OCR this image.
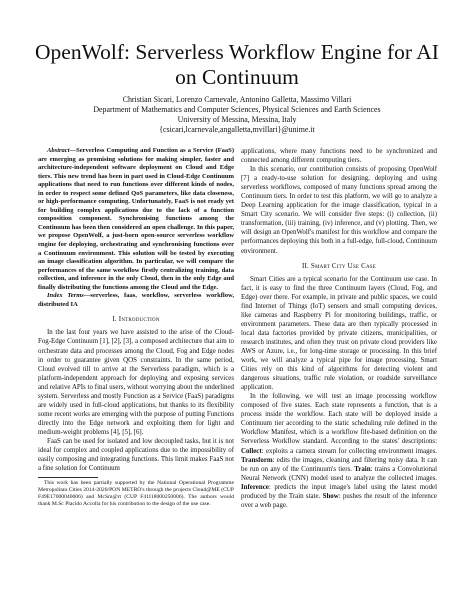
OpenWolf: Serverless Workflow Engine for AI on Continuum
Christian Sicari, Lorenzo Carnevale, Antonino Galletta, Massimo Villari
Department of Mathematics and Computer Sciences, Physical Sciences and Earth Sciences
University of Messina, Messina, Italy
{csicari,lcarnevale,angalletta,mvillari}@unime.it
Abstract—Serverless Computing and Function as a Service (FaaS) are emerging as promising solutions for making simpler, faster and architecture-independent software deployment on Cloud and Edge tiers. This new trend has been in part used in Cloud-Edge Continuum applications that need to run functions over different kinds of nodes, in order to respect some defined QoS parameters, like data closeness, or high-performance computing. Unfortunately, FaaS is not ready yet for building complex applications due to the lack of a function composition component. Synchronising functions among the Continuum has been then considered an open challenge. In this paper, we propose OpenWolf, a just-born open-source serverless workflow engine for deploying, orchestrating and synchronising functions over a Continuum environment. This solution will be tested by executing an image classification algorithm. In particular, we will compare the performances of the same workflow firstly centralizing training, data collection, and inference in the only Cloud, then in the only Edge and finally distributing the functions among the Cloud and the Edge.
Index Terms—serverless, faas, workflow, serverless workflow, distributed IA
I. Introduction

In the last four years we have assisted to the arise of the Cloud-Fog-Edge Continuum [1], [2], [3], a composed architecture that aim to orchestrate data and processes among the Cloud, Fog and Edge nodes in order to guarantee given QOS constraints. In the same period, Cloud evolved till to arrive at the Serverless paradigm, which is a platform-independent approach for deploying and exposing services and relative APIs to final users, without worrying about the underlined system. Serverless and mostly Function as a Service (FaaS) paradigms are widely used in full-cloud applications, but thanks to its flexibility some recent works are emerging with the purpose of putting Functions directly into the Edge network and exploiting them for light and medium-weight problems [4], [5], [6].

FaaS can be used for isolated and low decoupled tasks, but it is not ideal for complex and coupled applications due to the impossibility of easily composing and integrating functions. This limit makes FaaS not a fine solution for Continuum

This work has been partially supported by the National Operational Programme Metropolitan Cities 2014-2020/PON METRO's through the projects Cloud@ME (CUP F49E17000040006) and McSm@rt (CUP F41I18000250006). The authors would thank M.Sc Placido Accolla for his contribution to the design of the use case.

applications, where many functions need to be synchronized and connected among different computing tiers.

In this scenario, our contribution consists of proposing OpenWolf [7] a ready-to-use solution for designing, deploying and using serverless workflows, composed of many functions spread among the Continuum tiers. In order to test this platform, we will go to analyze a Deep Learning application for the image classification, typical in a Smart City scenario. We will consider five steps: (i) collection, (ii) transformation, (iii) training, (iv) inference, and (v) plotting. Then, we will design an OpenWolf's manifest for this workflow and compare the performances deploying this both in a full-edge, full-cloud, Continuum environment.

II. Smart City Use Case

Smart Cities are a typical scenario for the Continuum use case. In fact, it is easy to find the three Continuum layers (Cloud, Fog, and Edge) over there. For example, in private and public spaces, we could find Internet of Things (IoT) sensors and small computing devices, like cameras and Raspberry Pi for monitoring buildings, traffic, or environment parameters. These data are then typically processed in local data factories provided by private citizens, municipalities, or research institutes, and often they trust on private cloud providers like AWS or Azure, i.e., for long-time storage or processing. In this brief work, we will analyze a typical pipe for image processing. Smart Cities rely on this kind of algorithms for detecting violent and dangerous situations, traffic rule violation, or roadside surveillance application.

In the following, we will test an image processing workflow composed of five states. Each state represents a function, that is a process inside the workflow. Each state will be deployed inside a Continuum tier according to the static scheduling rule defined in the Workflow Manifest, which is a workflow file-based definition on the Serverless Workflow standard. According to the states' descriptions: Collect: exploits a camera stream for collecting environment images. Transform: edits the images, cleaning and filtering noisy data. It can be run on any of the Continuum's tiers. Train: trains a Convolutional Neural Network (CNN) model used to analyze the collected images. Inference: predicts the input image's label using the latest model produced by the Train state. Show: pushes the result of the inference over a web page.
